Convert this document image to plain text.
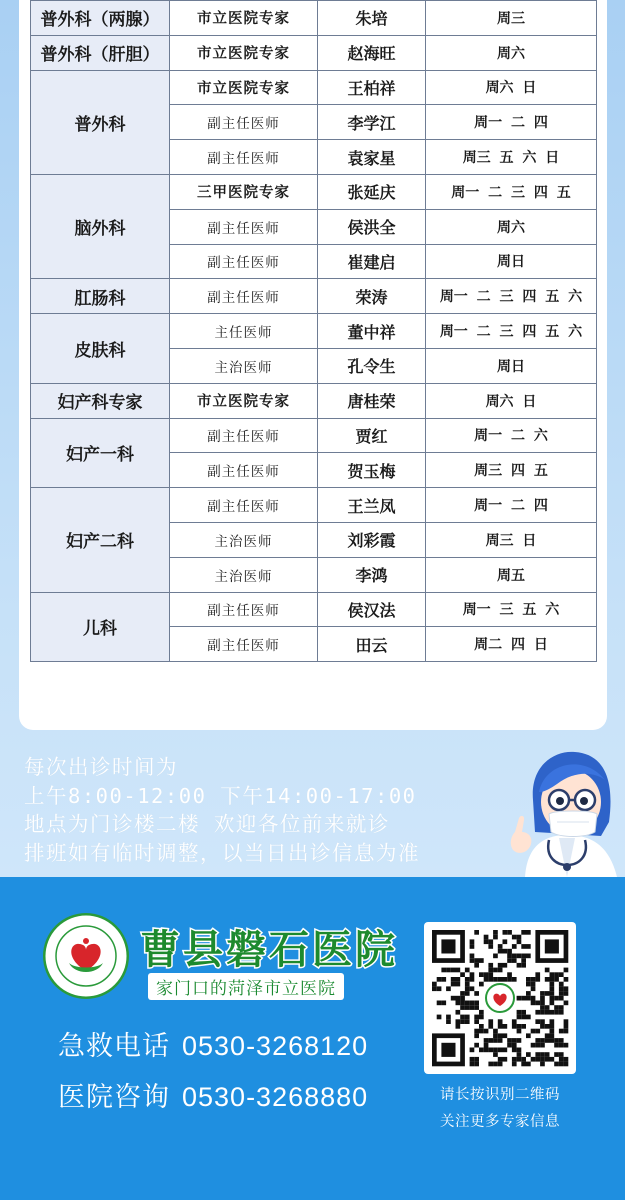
普外科（两腺）	市立医院专家	朱培	周三
普外科（肝胆）	市立医院专家	赵海旺	周六
普外科	市立医院专家	王柏祥	周六 日
	副主任医师	李学江	周一 二 四
	副主任医师	袁家星	周三 五 六 日
脑外科	三甲医院专家	张延庆	周一 二 三 四 五
	副主任医师	侯洪全	周六
	副主任医师	崔建启	周日
肛肠科	副主任医师	荣涛	周一 二 三 四 五 六
皮肤科	主任医师	董中祥	周一 二 三 四 五 六
	主治医师	孔令生	周日
妇产科专家	市立医院专家	唐桂荣	周六 日
妇产一科	副主任医师	贾红	周一 二 六
	副主任医师	贺玉梅	周三 四 五
妇产二科	副主任医师	王兰凤	周一 二 四
	主治医师	刘彩霞	周三 日
	主治医师	李鸿	周五
儿科	副主任医师	侯汉法	周一 三 五 六
	副主任医师	田云	周二 四 日
每次出诊时间为
上午8:00-12:00 下午14:00-17:00
地点为门诊楼二楼 欢迎各位前来就诊
排班如有临时调整，以当日出诊信息为准
曹县磐石医院
家门口的菏泽市立医院
急救电话 0530-3268120
医院咨询 0530-3268880	请长按识别二维码
关注更多专家信息
